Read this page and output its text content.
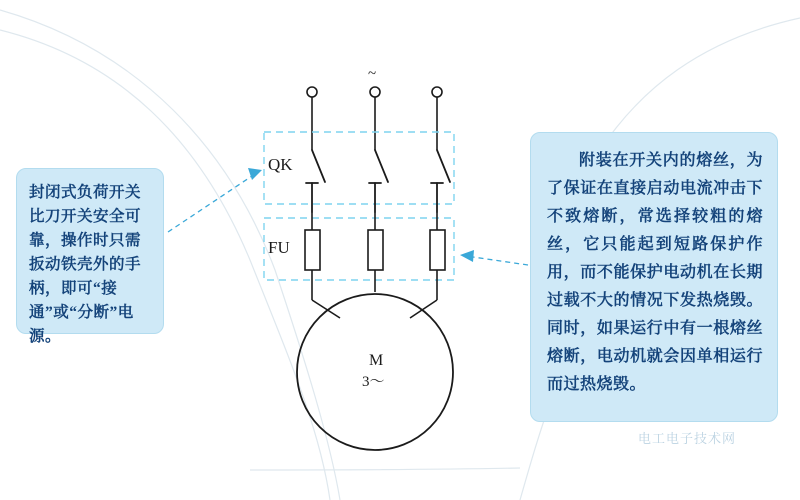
QK
FU
~
M
3～
封闭式负荷开关比刀开关安全可靠，操作时只需扳动铁壳外的手柄，即可“接通”或“分断”电源。
附装在开关内的熔丝，为了保证在直接启动电流冲击下不致熔断，常选择较粗的熔丝，它只能起到短路保护作用，而不能保护电动机在长期过载不大的情况下发热烧毁。同时，如果运行中有一根熔丝熔断，电动机就会因单相运行而过热烧毁。
电工电子技术网
